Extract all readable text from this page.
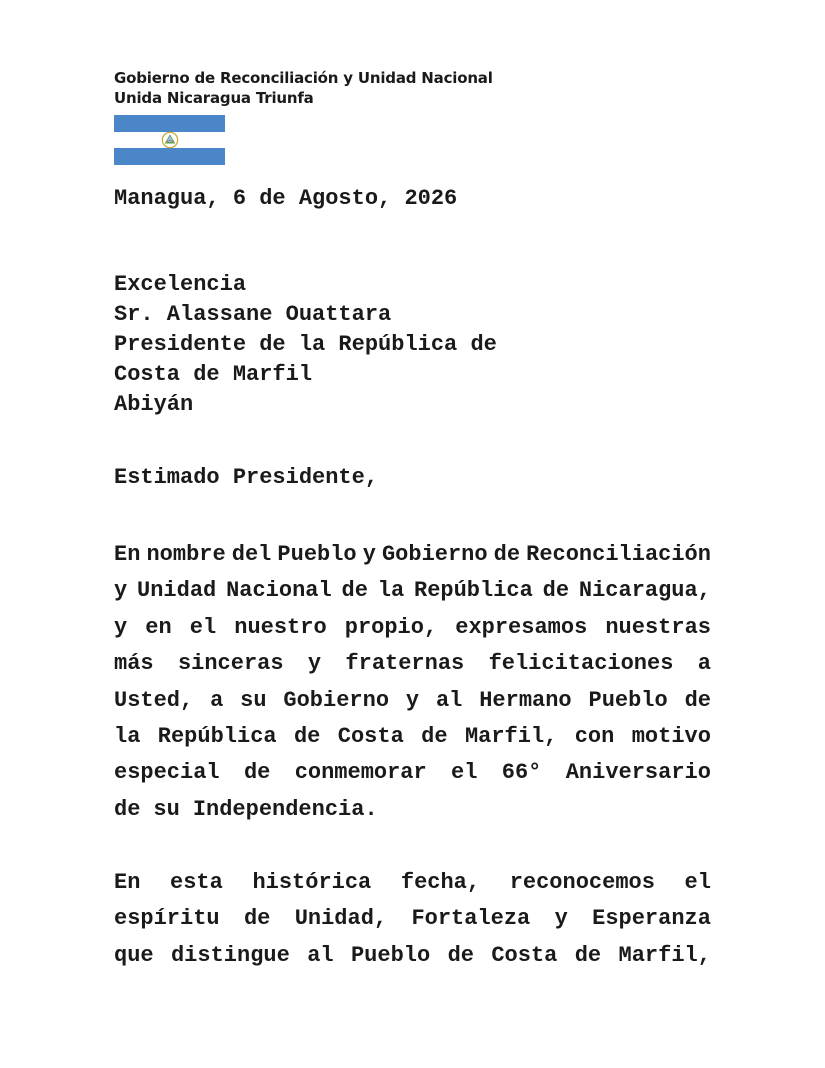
Gobierno de Reconciliación y Unidad Nacional
Unida Nicaragua Triunfa
Managua, 6 de Agosto, 2026
Excelencia
Sr. Alassane Ouattara
Presidente de la República de
Costa de Marfil
Abiyán
Estimado Presidente,
En nombre del Pueblo y Gobierno de Reconciliación
y Unidad Nacional de la República de Nicaragua,
y en el nuestro propio, expresamos nuestras
más sinceras y fraternas felicitaciones a
Usted, a su Gobierno y al Hermano Pueblo de
la República de Costa de Marfil, con motivo
especial de conmemorar el 66° Aniversario
de su Independencia.
En esta histórica fecha, reconocemos el
espíritu de Unidad, Fortaleza y Esperanza
que distingue al Pueblo de Costa de Marfil,
